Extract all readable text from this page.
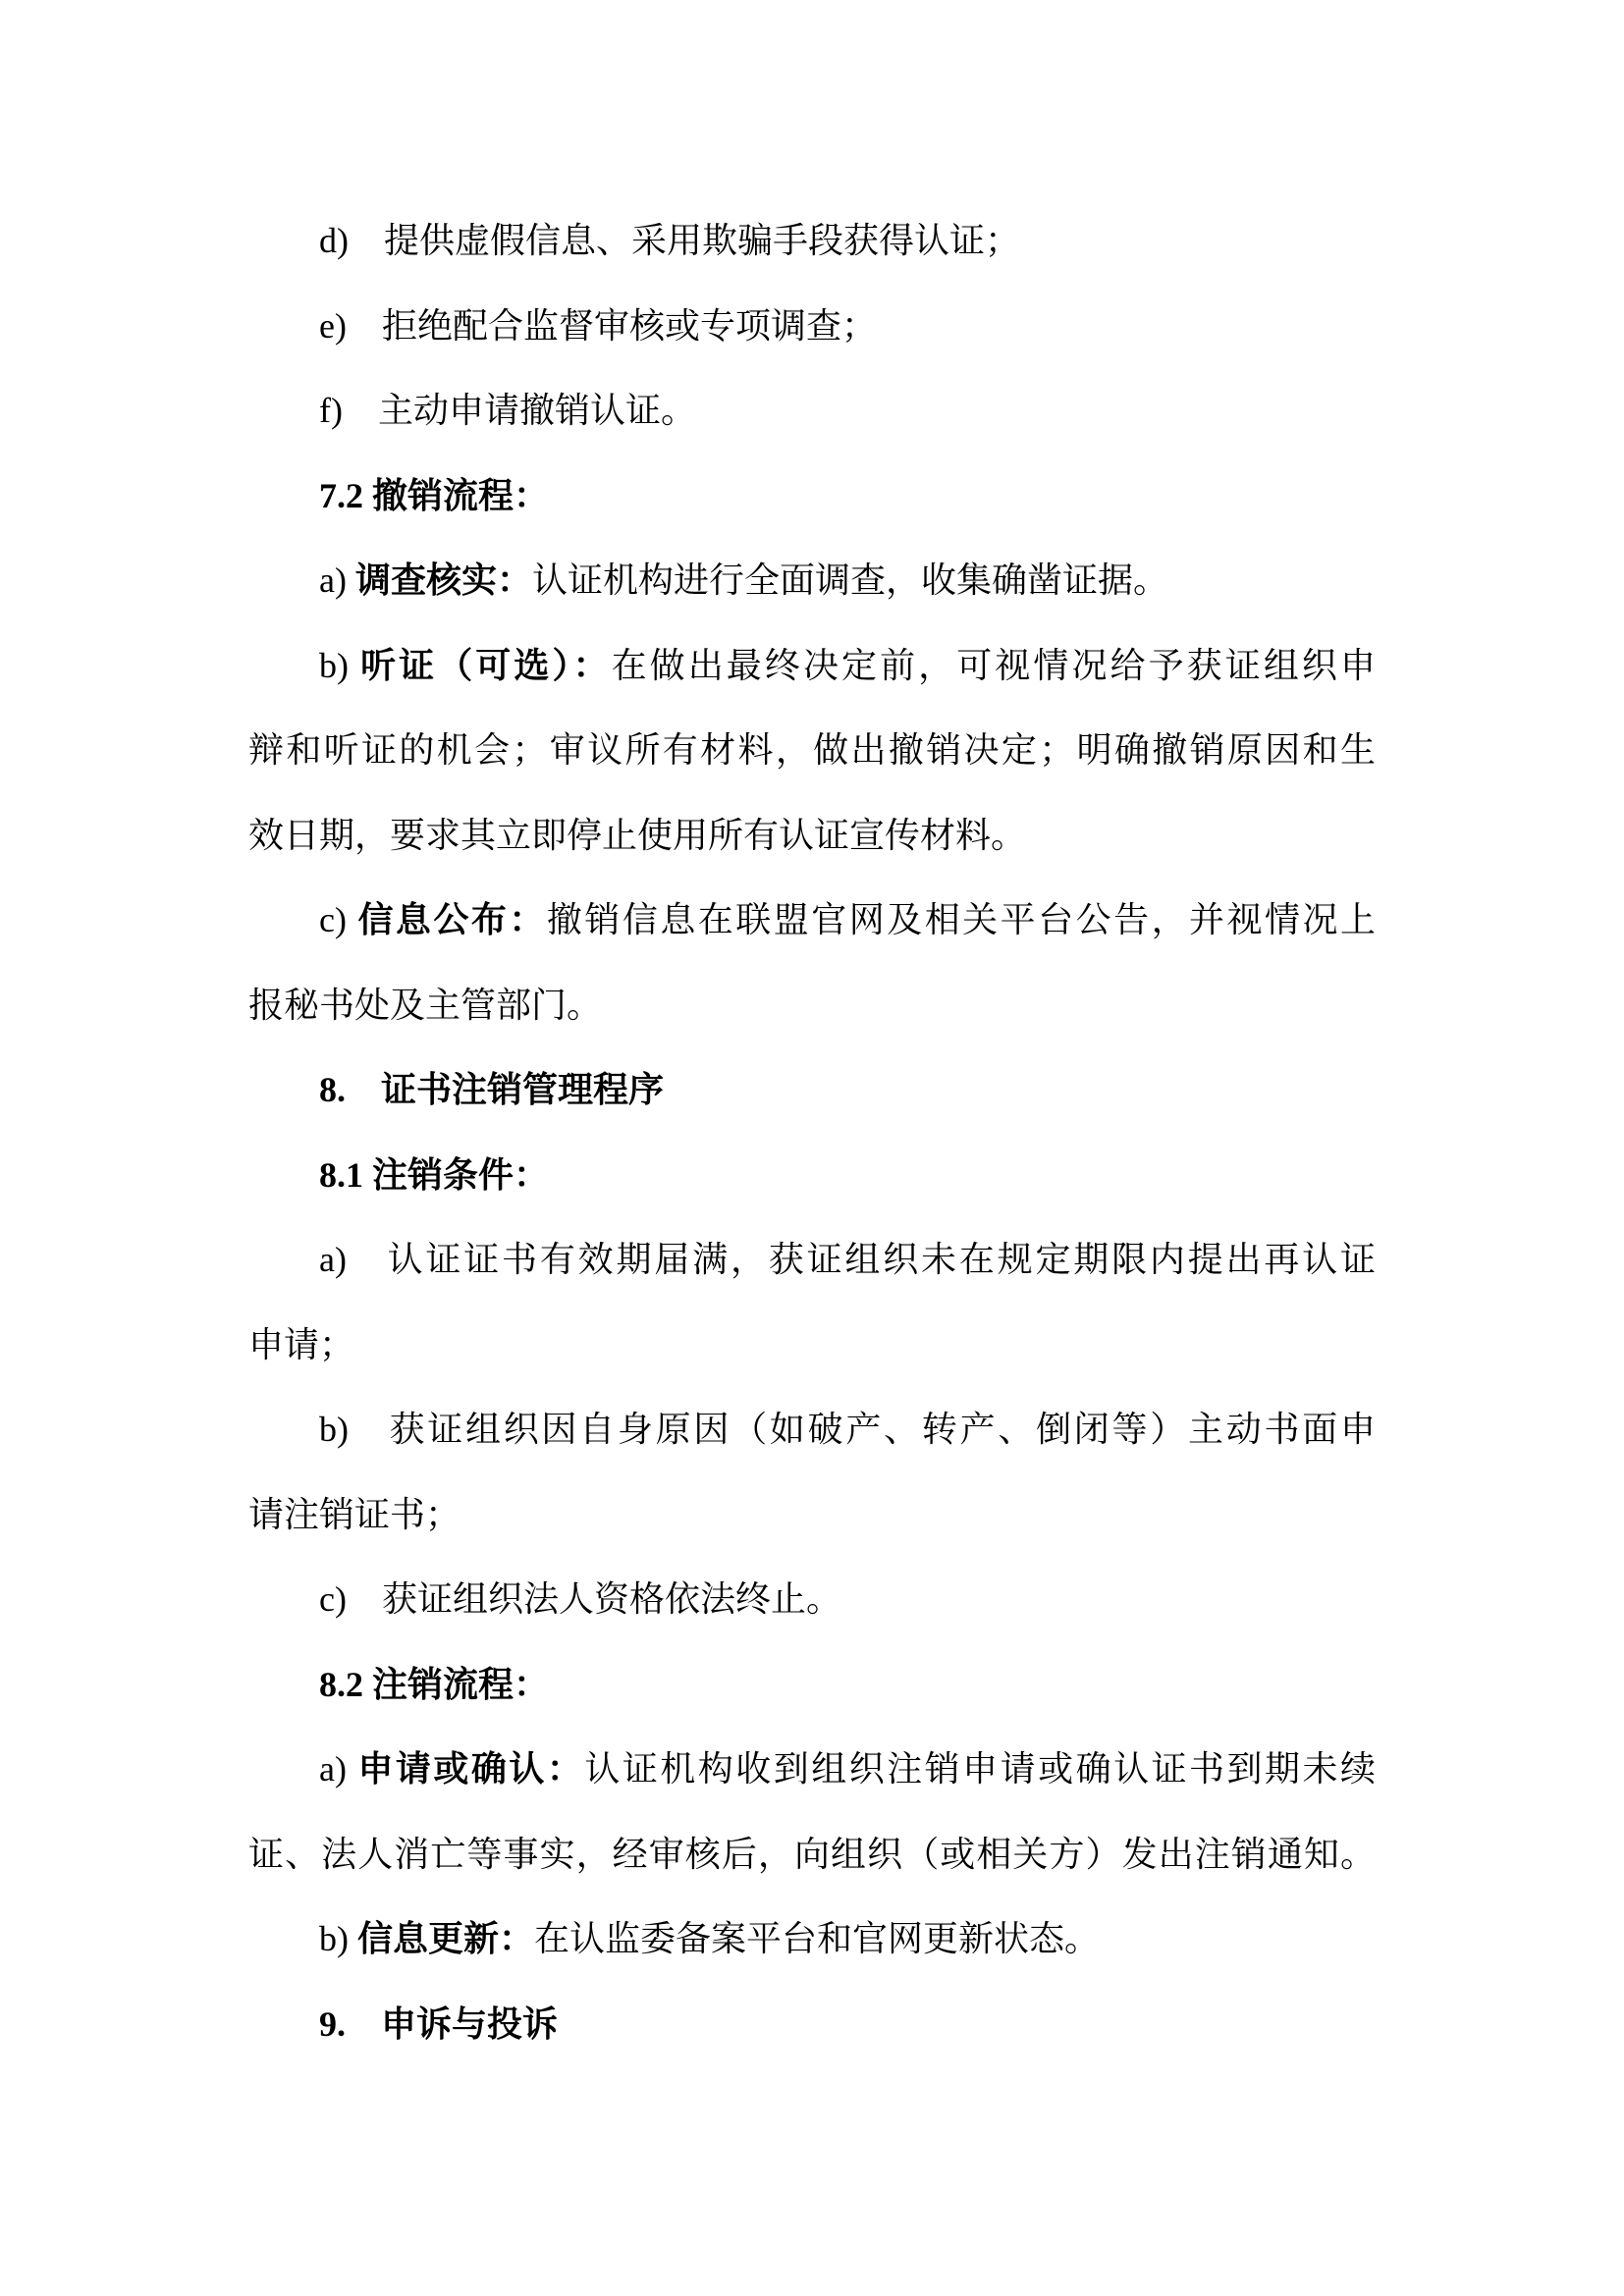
d)　提供虚假信息、采用欺骗手段获得认证；
e)　拒绝配合监督审核或专项调查；
f)　主动申请撤销认证。
7.2 撤销流程：
a) 调查核实：认证机构进行全面调查，收集确凿证据。
b) 听证（可选）：在做出最终决定前，可视情况给予获证组织申
辩和听证的机会；审议所有材料，做出撤销决定；明确撤销原因和生
效日期，要求其立即停止使用所有认证宣传材料。
c) 信息公布：撤销信息在联盟官网及相关平台公告，并视情况上
报秘书处及主管部门。
8.　证书注销管理程序
8.1 注销条件：
a)　认证证书有效期届满，获证组织未在规定期限内提出再认证
申请；
b)　获证组织因自身原因（如破产、转产、倒闭等）主动书面申
请注销证书；
c)　获证组织法人资格依法终止。
8.2 注销流程：
a) 申请或确认：认证机构收到组织注销申请或确认证书到期未续
证、法人消亡等事实，经审核后，向组织（或相关方）发出注销通知。
b) 信息更新：在认监委备案平台和官网更新状态。
9.　申诉与投诉
